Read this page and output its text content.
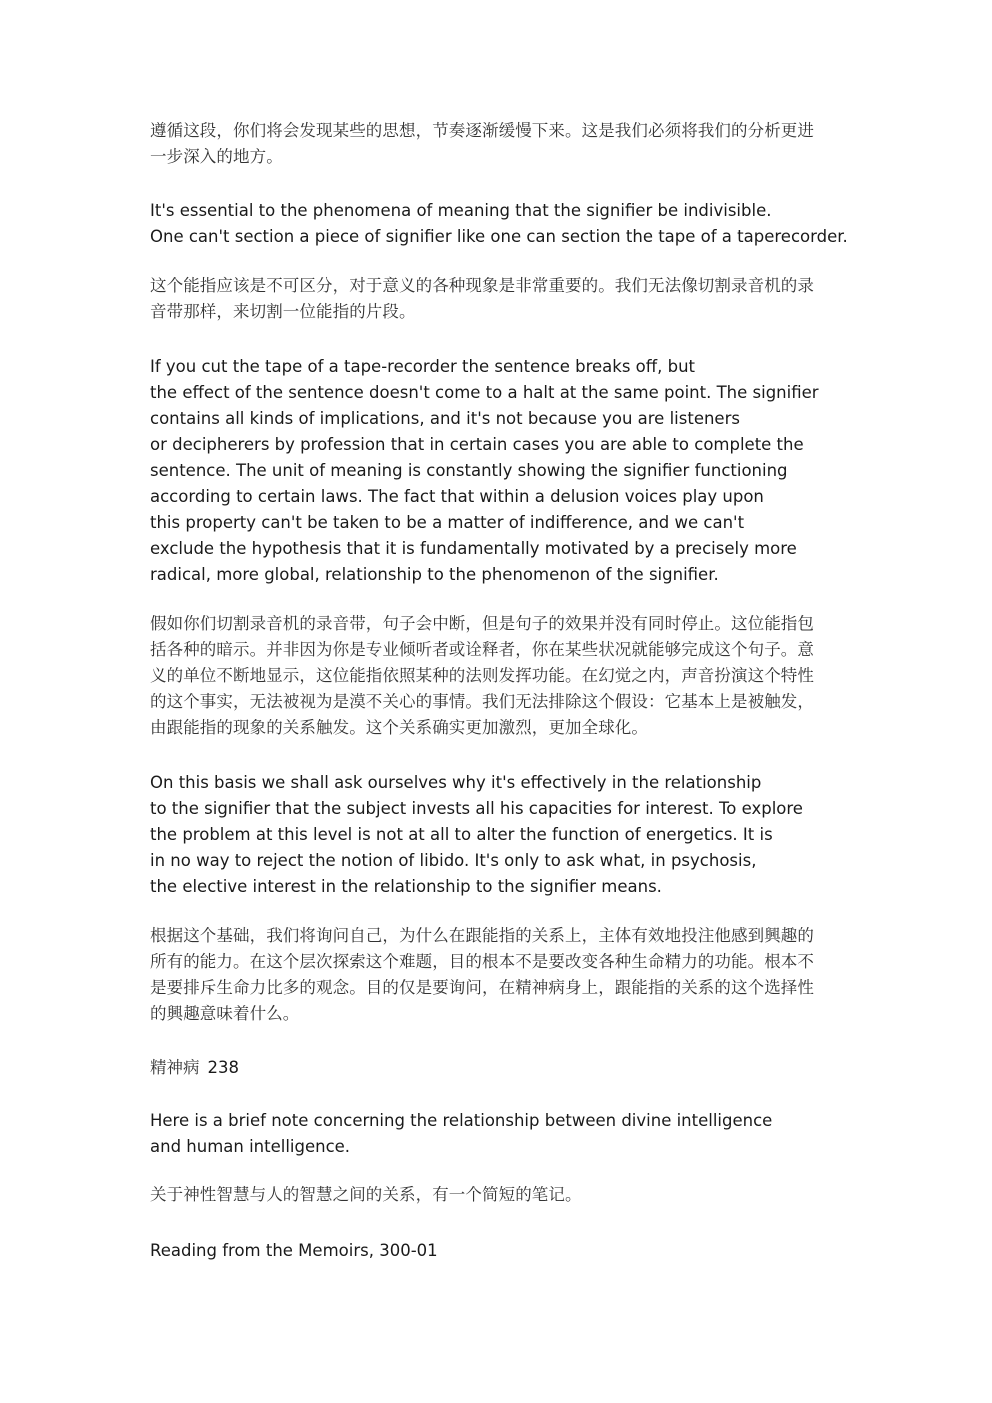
遵循这段，你们将会发现某些的思想，节奏逐渐缓慢下来。这是我们必须将我们的分析更进
一步深入的地方。
It's essential to the phenomena of meaning that the signifier be indivisible.
One can't section a piece of signifier like one can section the tape of a taperecorder.
这个能指应该是不可区分，对于意义的各种现象是非常重要的。我们无法像切割录音机的录
音带那样，来切割一位能指的片段。
If you cut the tape of a tape-recorder the sentence breaks off, but
the effect of the sentence doesn't come to a halt at the same point. The signifier
contains all kinds of implications, and it's not because you are listeners
or decipherers by profession that in certain cases you are able to complete the
sentence. The unit of meaning is constantly showing the signifier functioning
according to certain laws. The fact that within a delusion voices play upon
this property can't be taken to be a matter of indifference, and we can't
exclude the hypothesis that it is fundamentally motivated by a precisely more
radical, more global, relationship to the phenomenon of the signifier.
假如你们切割录音机的录音带，句子会中断，但是句子的效果并没有同时停止。这位能指包
括各种的暗示。并非因为你是专业倾听者或诠释者，你在某些状况就能够完成这个句子。意
义的单位不断地显示，这位能指依照某种的法则发挥功能。在幻觉之内，声音扮演这个特性
的这个事实，无法被视为是漠不关心的事情。我们无法排除这个假设：它基本上是被触发，
由跟能指的现象的关系触发。这个关系确实更加激烈，更加全球化。
On this basis we shall ask ourselves why it's effectively in the relationship
to the signifier that the subject invests all his capacities for interest. To explore
the problem at this level is not at all to alter the function of energetics. It is
in no way to reject the notion of libido. It's only to ask what, in psychosis,
the elective interest in the relationship to the signifier means.
根据这个基础，我们将询问自己，为什么在跟能指的关系上，主体有效地投注他感到興趣的
所有的能力。在这个层次探索这个难题，目的根本不是要改变各种生命精力的功能。根本不
是要排斥生命力比多的观念。目的仅是要询问，在精神病身上，跟能指的关系的这个选择性
的興趣意味着什么。
精神病 238
Here is a brief note concerning the relationship between divine intelligence
and human intelligence.
关于神性智慧与人的智慧之间的关系，有一个简短的笔记。
Reading from the Memoirs, 300-01
